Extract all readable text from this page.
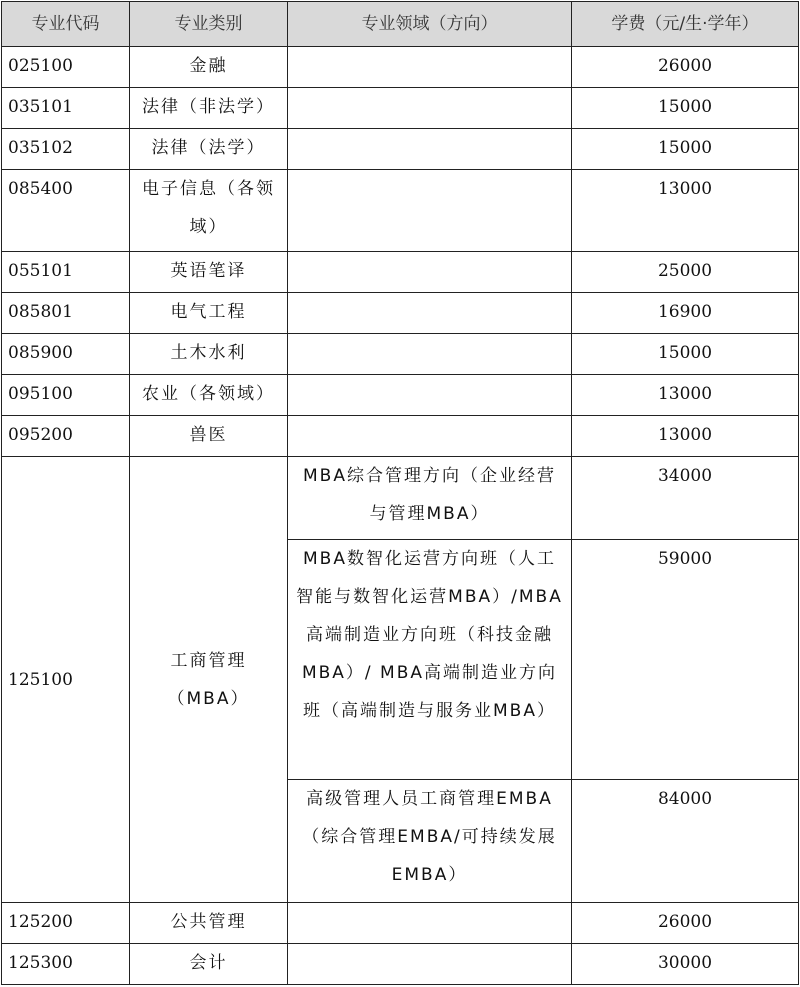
专业代码	专业类别	专业领域（方向）	学费（元/生·学年）
025100	金融		26000
035101	法律（非法学）		15000
035102	法律（法学）		15000
085400	电子信息（各领域）		13000
055101	英语笔译		25000
085801	电气工程		16900
085900	土木水利		15000
095100	农业（各领域）		13000
095200	兽医		13000
125100	工商管理（MBA）	MBA综合管理方向（企业经营与管理MBA）	34000
		MBA数智化运营方向班（人工智能与数智化运营MBA）/MBA高端制造业方向班（科技金融MBA）/ MBA高端制造业方向班（高端制造与服务业MBA）	59000
		高级管理人员工商管理EMBA（综合管理EMBA/可持续发展EMBA）	84000
125200	公共管理		26000
125300	会计		30000
